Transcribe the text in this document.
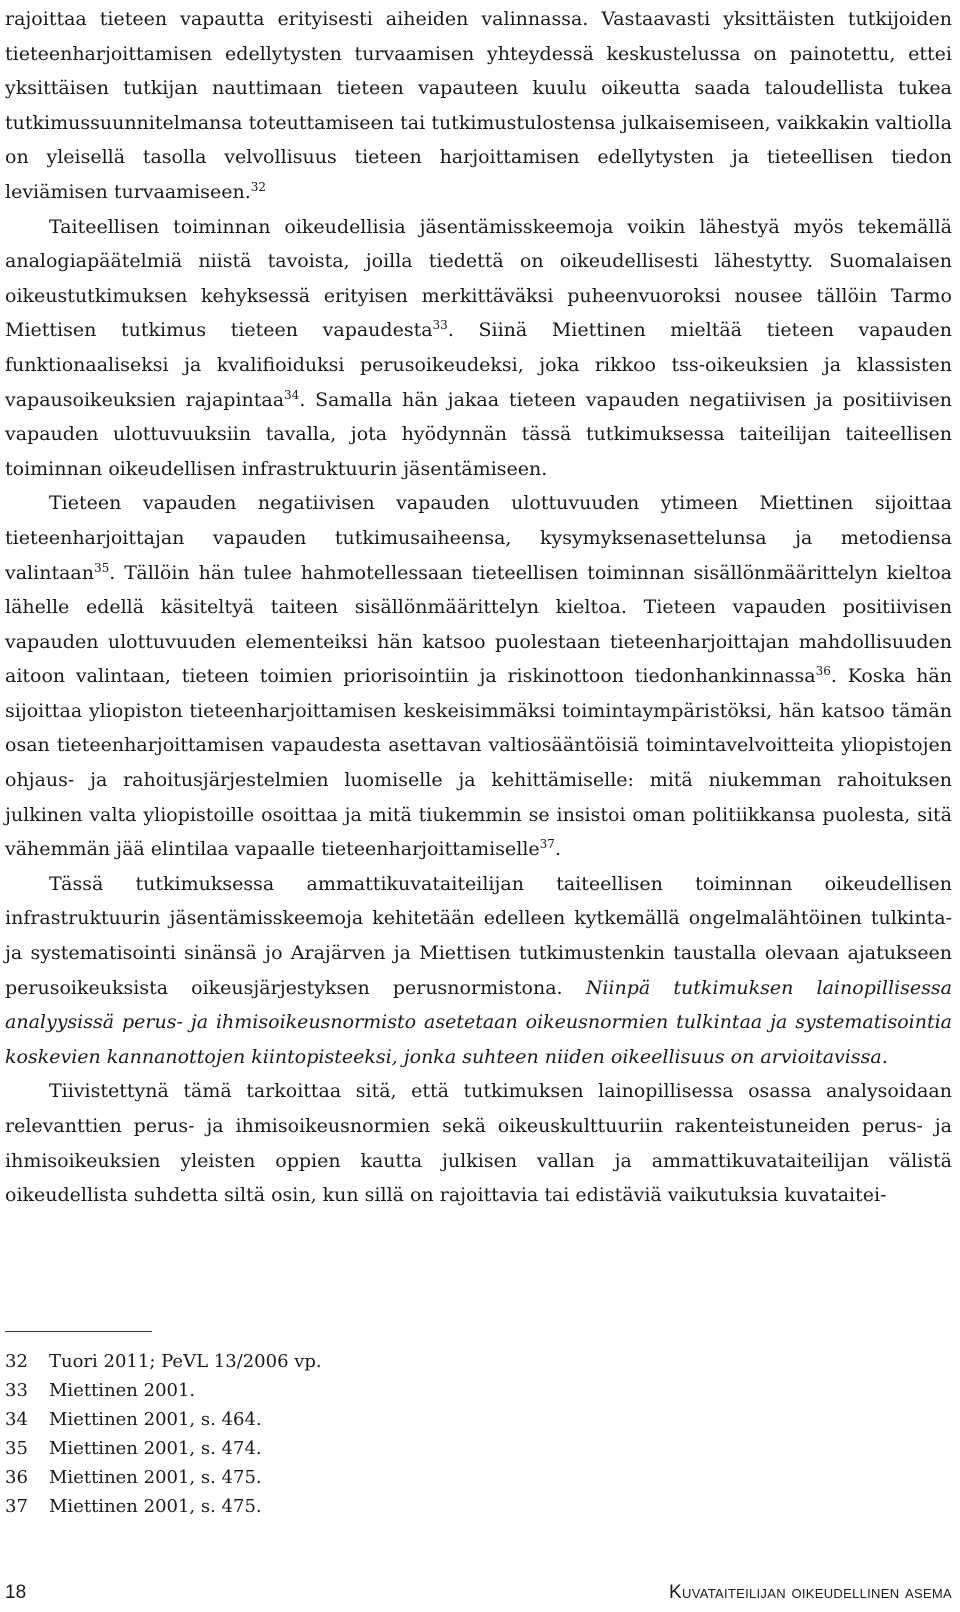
rajoittaa tieteen vapautta erityisesti aiheiden valinnassa. Vastaavasti yksittäisten tutkijoiden tieteenharjoittamisen edellytysten turvaamisen yhteydessä keskustelussa on painotettu, ettei yksittäisen tutkijan nauttimaan tieteen vapauteen kuulu oikeutta saada taloudellista tukea tutkimussuunnitelmansa toteuttamiseen tai tutkimustulostensa julkaisemiseen, vaikkakin valtiolla on yleisellä tasolla velvollisuus tieteen harjoittamisen edellytysten ja tieteellisen tiedon leviämisen turvaamiseen.$^{32}$

Taiteellisen toiminnan oikeudellisia jäsentämisskeemoja voikin lähestyä myös tekemällä analogiapäätelmiä niistä tavoista, joilla tiedettä on oikeudellisesti lähestytty. Suomalaisen oikeustutkimuksen kehyksessä erityisen merkittäväksi puheenvuoroksi nousee tällöin Tarmo Miettisen tutkimus tieteen vapaudesta$^{33}$. Siinä Miettinen mieltää tieteen vapauden funktionaaliseksi ja kvalifioiduksi perusoikeudeksi, joka rikkoo tss-oikeuksien ja klassisten vapausoikeuksien rajapintaa$^{34}$. Samalla hän jakaa tieteen vapauden negatiivisen ja positiivisen vapauden ulottuvuuksiin tavalla, jota hyödynnän tässä tutkimuksessa taiteilijan taiteellisen toiminnan oikeudellisen infrastruktuurin jäsentämiseen.

Tieteen vapauden negatiivisen vapauden ulottuvuuden ytimeen Miettinen sijoittaa tieteenharjoittajan vapauden tutkimusaiheensa, kysymyksenasettelunsa ja metodiensa valintaan$^{35}$. Tällöin hän tulee hahmotellessaan tieteellisen toiminnan sisällönmäärittelyn kieltoa lähelle edellä käsiteltyä taiteen sisällönmäärittelyn kieltoa. Tieteen vapauden positiivisen vapauden ulottuvuuden elementeiksi hän katsoo puolestaan tieteenharjoittajan mahdollisuuden aitoon valintaan, tieteen toimien priorisointiin ja riskinottoon tiedonhankinnassa$^{36}$. Koska hän sijoittaa yliopiston tieteenharjoittamisen keskeisimmäksi toimintaympäristöksi, hän katsoo tämän osan tieteenharjoittamisen vapaudesta asettavan valtiosääntöisiä toimintavelvoitteita yliopistojen ohjaus- ja rahoitusjärjestelmien luomiselle ja kehittämiselle: mitä niukemman rahoituksen julkinen valta yliopistoille osoittaa ja mitä tiukemmin se insistoi oman politiikkansa puolesta, sitä vähemmän jää elintilaa vapaalle tieteenharjoittamiselle$^{37}$.

Tässä tutkimuksessa ammattikuvataiteilijan taiteellisen toiminnan oikeudellisen infrastruktuurin jäsentämisskeemoja kehitetään edelleen kytkemällä ongelmalähtöinen tulkinta- ja systematisointi sinänsä jo Arajärven ja Miettisen tutkimustenkin taustalla olevaan ajatukseen perusoikeuksista oikeusjärjestyksen perusnormistona. Niinpä tutkimuksen lainopillisessa analyysissä perus- ja ihmisoikeusnormisto asetetaan oikeusnormien tulkintaa ja systematisointia koskevien kannanottojen kiintopisteeksi, jonka suhteen niiden oikeellisuus on arvioitavissa.

Tiivistettynä tämä tarkoittaa sitä, että tutkimuksen lainopillisessa osassa analysoidaan relevanttien perus- ja ihmisoikeusnormien sekä oikeuskulttuuriin rakenteistuneiden perus- ja ihmisoikeuksien yleisten oppien kautta julkisen vallan ja ammattikuvataiteilijan välistä oikeudellista suhdetta siltä osin, kun sillä on rajoittavia tai edistäviä vaikutuksia kuvataitei-

32	Tuori 2011; PeVL 13/2006 vp.
33	Miettinen 2001.
34	Miettinen 2001, s. 464.
35	Miettinen 2001, s. 474.
36	Miettinen 2001, s. 475.
37	Miettinen 2001, s. 475.
18	Kuvataiteilijan oikeudellinen asema
